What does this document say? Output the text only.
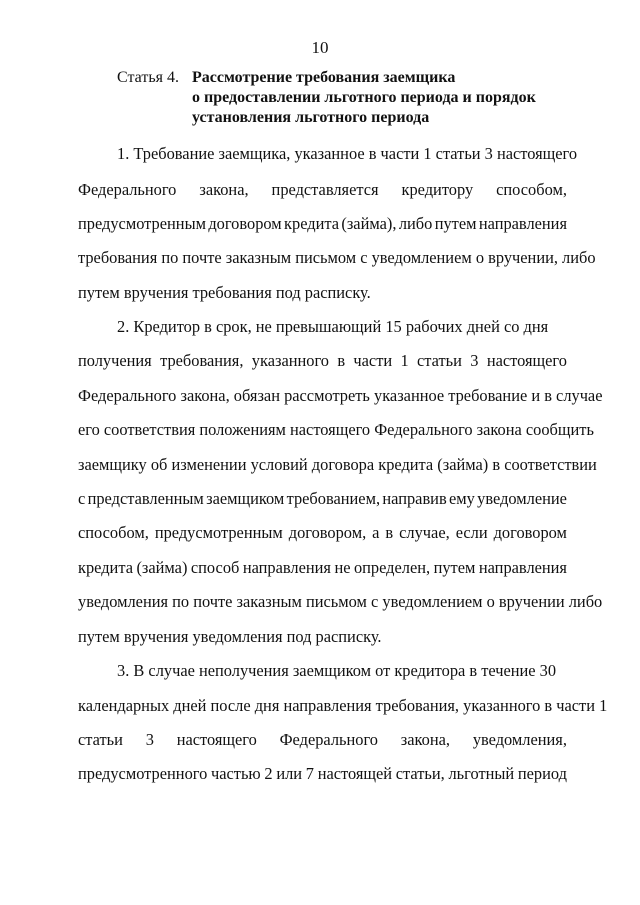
10
Статья 4. Рассмотрение требования заемщика
о предоставлении льготного периода и порядок
установления льготного периода
1. Требование заемщика, указанное в части 1 статьи 3 настоящего
Федерального закона, представляется кредитору способом,
предусмотренным договором кредита (займа), либо путем направления
требования по почте заказным письмом с уведомлением о вручении, либо
путем вручения требования под расписку.
2. Кредитор в срок, не превышающий 15 рабочих дней со дня
получения требования, указанного в части 1 статьи 3 настоящего
Федерального закона, обязан рассмотреть указанное требование и в случае
его соответствия положениям настоящего Федерального закона сообщить
заемщику об изменении условий договора кредита (займа) в соответствии
с представленным заемщиком требованием, направив ему уведомление
способом, предусмотренным договором, а в случае, если договором
кредита (займа) способ направления не определен, путем направления
уведомления по почте заказным письмом с уведомлением о вручении либо
путем вручения уведомления под расписку.
3. В случае неполучения заемщиком от кредитора в течение 30
календарных дней после дня направления требования, указанного в части 1
статьи 3 настоящего Федерального закона, уведомления,
предусмотренного частью 2 или 7 настоящей статьи, льготный период
